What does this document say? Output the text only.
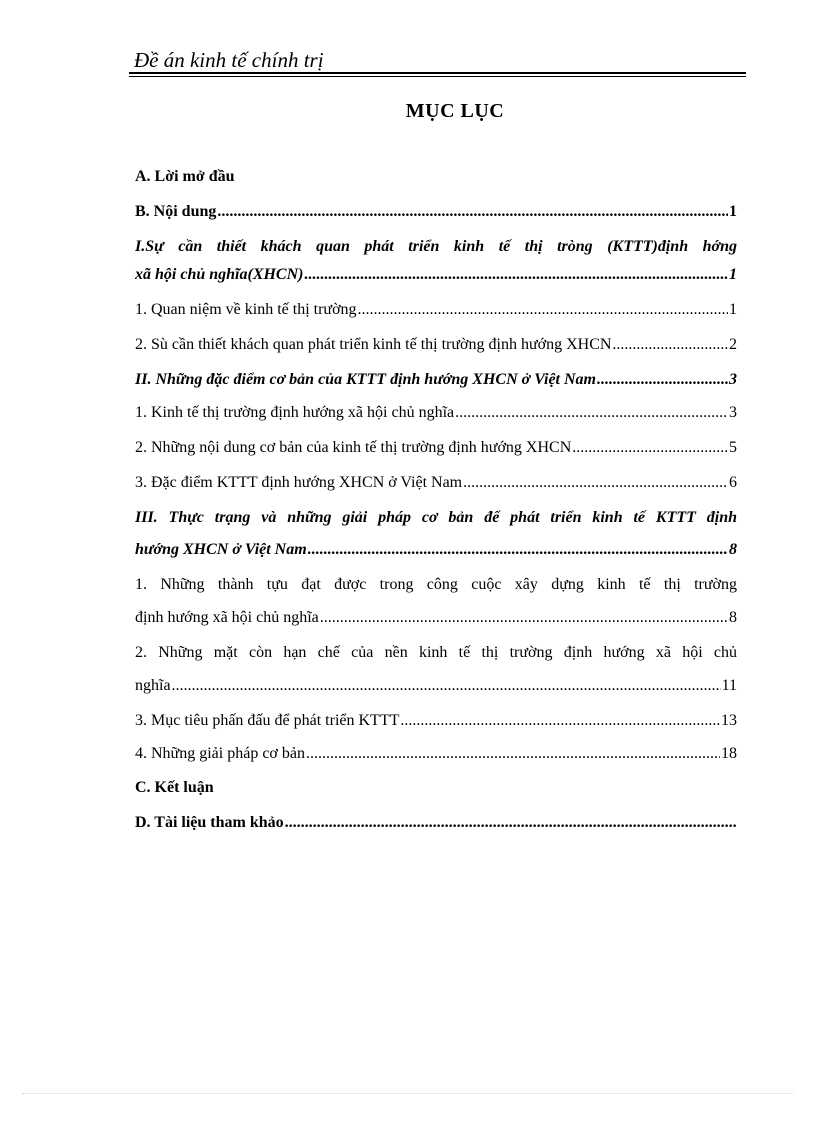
Đề án kinh tế chính trị
MỤC LỤC
A. Lời mở đầu
B. Nội dung .....	1
I.Sự cần thiết khách quan phát triển kinh tế thị tròng (KTTT)định hớng
xã hội chủ nghĩa(XHCN) .....	1
1. Quan niệm về kinh tế thị trường .....	1
2. Sù cần thiết khách quan phát triển kinh tế thị trường định hướng XHCN .....	2
II. Những đặc điểm cơ bản của KTTT định hướng XHCN ở Việt Nam .....	3
1. Kinh tế thị trường định hướng xã hội chủ nghĩa .....	3
2. Những nội dung cơ bản của kinh tế thị trường định hướng XHCN .....	5
3. Đặc điểm KTTT định hướng XHCN ở Việt Nam .....	6
III. Thực trạng và những giải pháp cơ bản để phát triển kinh tế KTTT định
hướng XHCN ở Việt Nam .....	8
1. Những thành tựu đạt được trong công cuộc xây dựng kinh tế thị trường
định hướng xã hội chủ nghĩa .....	8
2. Những mặt còn hạn chế của nền kinh tế thị trường định hướng xã hội chủ
nghĩa .....	11
3. Mục tiêu phấn đấu để phát triển KTTT .....	13
4. Những giải pháp cơ bản .....	18
C. Kết luận
D. Tài liệu tham khảo
.....
